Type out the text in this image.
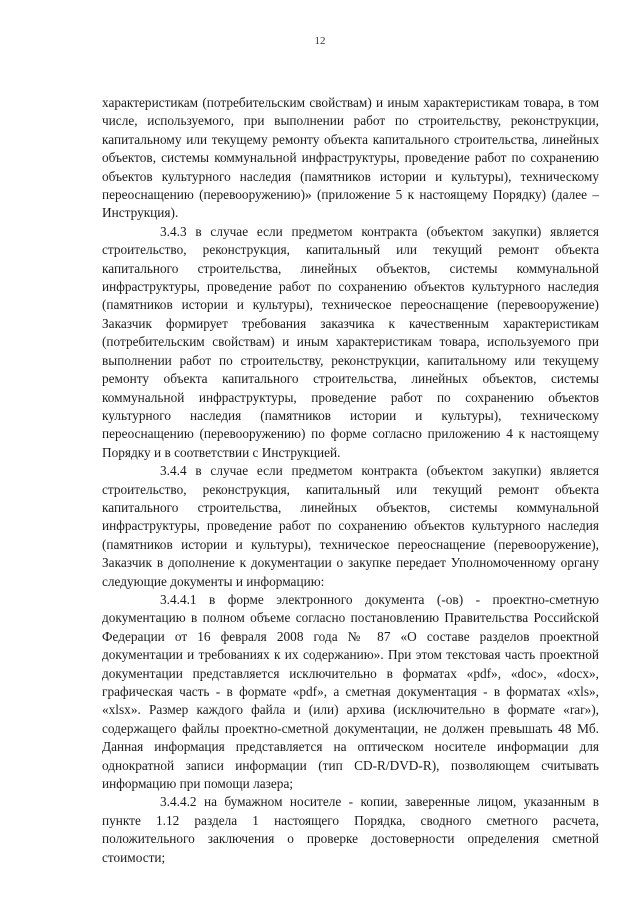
12

характеристикам (потребительским свойствам) и иным характеристикам товара, в том числе, используемого, при выполнении работ по строительству, реконструкции, капитальному или текущему ремонту объекта капитального строительства, линейных объектов, системы коммунальной инфраструктуры, проведение работ по сохранению объектов культурного наследия (памятников истории и культуры), техническому переоснащению (перевооружению)» (приложение 5 к настоящему Порядку) (далее – Инструкция).

3.4.3 в случае если предметом контракта (объектом закупки) является строительство, реконструкция, капитальный или текущий ремонт объекта капитального строительства, линейных объектов, системы коммунальной инфраструктуры, проведение работ по сохранению объектов культурного наследия (памятников истории и культуры), техническое переоснащение (перевооружение) Заказчик формирует требования заказчика к качественным характеристикам (потребительским свойствам) и иным характеристикам товара, используемого при выполнении работ по строительству, реконструкции, капитальному или текущему ремонту объекта капитального строительства, линейных объектов, системы коммунальной инфраструктуры, проведение работ по сохранению объектов культурного наследия (памятников истории и культуры), техническому переоснащению (перевооружению) по форме согласно приложению 4 к настоящему Порядку и в соответствии с Инструкцией.

3.4.4 в случае если предметом контракта (объектом закупки) является строительство, реконструкция, капитальный или текущий ремонт объекта капитального строительства, линейных объектов, системы коммунальной инфраструктуры, проведение работ по сохранению объектов культурного наследия (памятников истории и культуры), техническое переоснащение (перевооружение), Заказчик в дополнение к документации о закупке передает Уполномоченному органу следующие документы и информацию:

3.4.4.1 в форме электронного документа (-ов) - проектно-сметную документацию в полном объеме согласно постановлению Правительства Российской Федерации от 16 февраля 2008 года № 87 «О составе разделов проектной документации и требованиях к их содержанию». При этом текстовая часть проектной документации представляется исключительно в форматах «pdf», «doc», «docx», графическая часть - в формате «pdf», а сметная документация - в форматах «xls», «xlsx». Размер каждого файла и (или) архива (исключительно в формате «rar»), содержащего файлы проектно-сметной документации, не должен превышать 48 Мб. Данная информация представляется на оптическом носителе информации для однократной записи информации (тип CD-R/DVD-R), позволяющем считывать информацию при помощи лазера;

3.4.4.2 на бумажном носителе - копии, заверенные лицом, указанным в пункте 1.12 раздела 1 настоящего Порядка, сводного сметного расчета, положительного заключения о проверке достоверности определения сметной стоимости;
